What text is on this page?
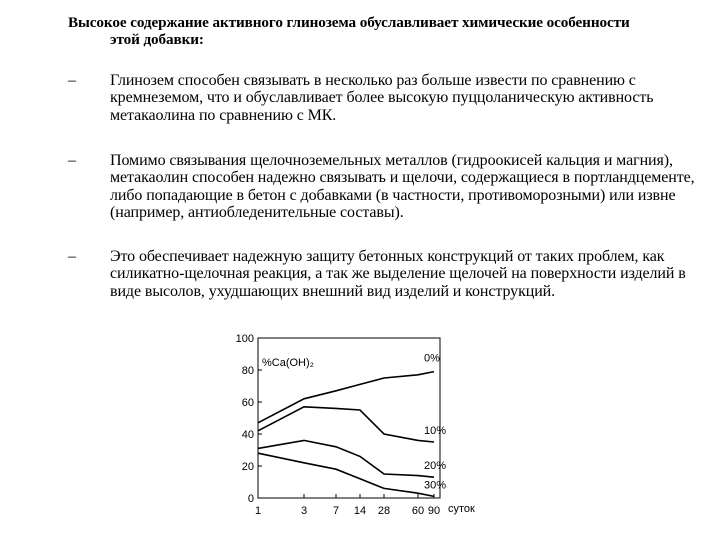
Высокое содержание активного глинозема обуславливает химические особенности
этой добавки:
– Глинозем способен связывать в несколько раз больше извести по сравнению с кремнеземом, что и обуславливает более высокую пуццоланическую активность метакаолина по сравнению с МК.
– Помимо связывания щелочноземельных металлов (гидроокисей кальция и магния), метакаолин способен надежно связывать и щелочи, содержащиеся в портландцементе, либо попадающие в бетон с добавками (в частности, противоморозными) или извне (например, антиобледенительные составы).
– Это обеспечивает надежную защиту бетонных конструкций от таких проблем, как силикатно-щелочная реакция, а так же выделение щелочей на поверхности изделий в виде высолов, ухудшающих внешний вид изделий и конструкций.
100
80
60
40
20
0
1	3 7 14 28 60 90 суток
%Ca(OH)₂	0%
10%
20%
30%
